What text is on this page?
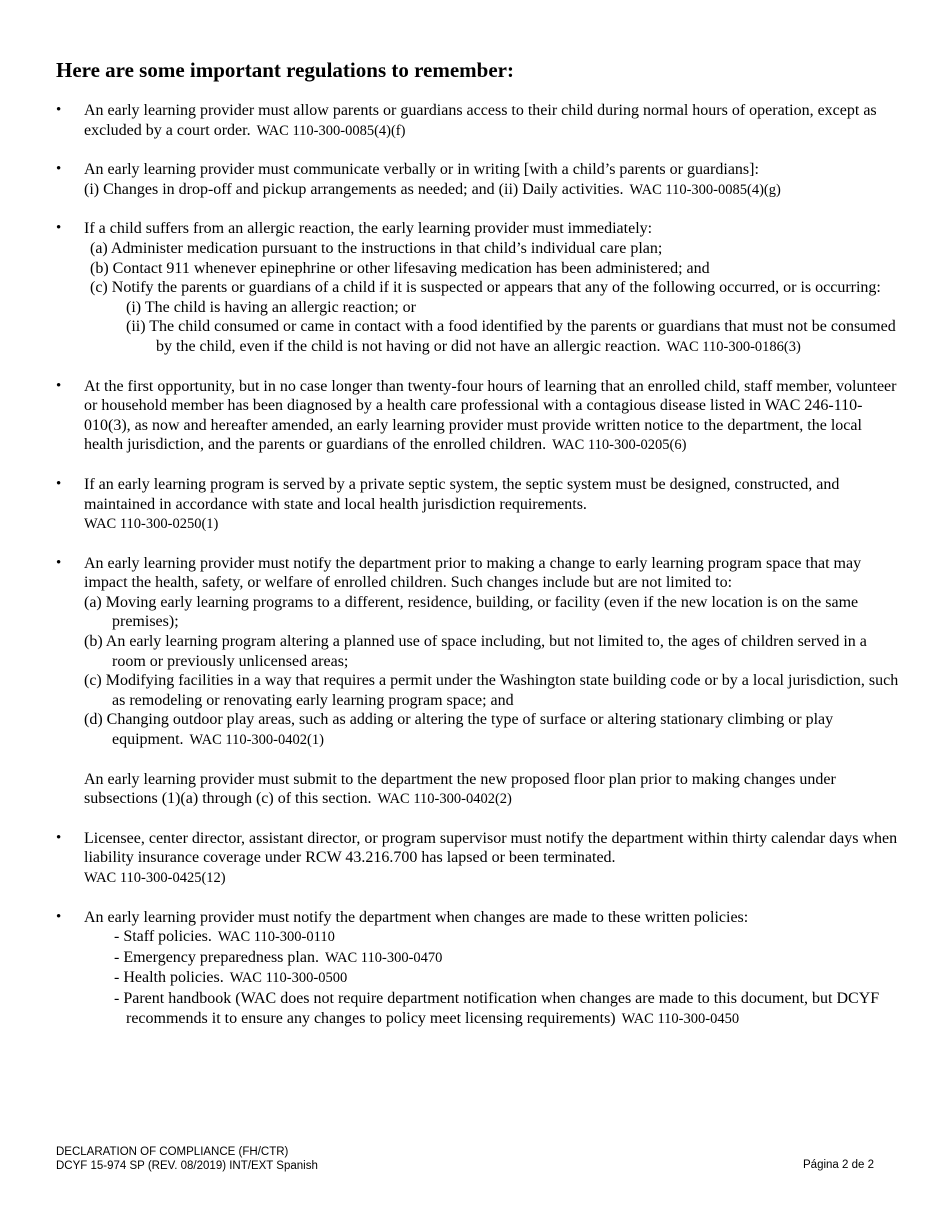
Here are some important regulations to remember:
• An early learning provider must allow parents or guardians access to their child during normal hours of operation, except as excluded by a court order. WAC 110-300-0085(4)(f)
• An early learning provider must communicate verbally or in writing [with a child’s parents or guardians]:
(i) Changes in drop-off and pickup arrangements as needed; and (ii) Daily activities. WAC 110-300-0085(4)(g)
• If a child suffers from an allergic reaction, the early learning provider must immediately:
(a) Administer medication pursuant to the instructions in that child’s individual care plan;
(b) Contact 911 whenever epinephrine or other lifesaving medication has been administered; and
(c) Notify the parents or guardians of a child if it is suspected or appears that any of the following occurred, or is occurring:
(i) The child is having an allergic reaction; or
(ii) The child consumed or came in contact with a food identified by the parents or guardians that must not be consumed by the child, even if the child is not having or did not have an allergic reaction. WAC 110-300-0186(3)
• At the first opportunity, but in no case longer than twenty-four hours of learning that an enrolled child, staff member, volunteer or household member has been diagnosed by a health care professional with a contagious disease listed in WAC 246-110-010(3), as now and hereafter amended, an early learning provider must provide written notice to the department, the local health jurisdiction, and the parents or guardians of the enrolled children. WAC 110-300-0205(6)
• If an early learning program is served by a private septic system, the septic system must be designed, constructed, and maintained in accordance with state and local health jurisdiction requirements.
WAC 110-300-0250(1)
• An early learning provider must notify the department prior to making a change to early learning program space that may impact the health, safety, or welfare of enrolled children. Such changes include but are not limited to:
(a) Moving early learning programs to a different, residence, building, or facility (even if the new location is on the same premises);
(b) An early learning program altering a planned use of space including, but not limited to, the ages of children served in a room or previously unlicensed areas;
(c) Modifying facilities in a way that requires a permit under the Washington state building code or by a local jurisdiction, such as remodeling or renovating early learning program space; and
(d) Changing outdoor play areas, such as adding or altering the type of surface or altering stationary climbing or play equipment. WAC 110-300-0402(1)
An early learning provider must submit to the department the new proposed floor plan prior to making changes under subsections (1)(a) through (c) of this section. WAC 110-300-0402(2)
• Licensee, center director, assistant director, or program supervisor must notify the department within thirty calendar days when liability insurance coverage under RCW 43.216.700 has lapsed or been terminated.
WAC 110-300-0425(12)
• An early learning provider must notify the department when changes are made to these written policies:
- Staff policies. WAC 110-300-0110
- Emergency preparedness plan. WAC 110-300-0470
- Health policies. WAC 110-300-0500
- Parent handbook (WAC does not require department notification when changes are made to this document, but DCYF recommends it to ensure any changes to policy meet licensing requirements) WAC 110-300-0450
DECLARATION OF COMPLIANCE (FH/CTR)
DCYF 15-974 SP (REV. 08/2019) INT/EXT Spanish	Página 2 de 2
